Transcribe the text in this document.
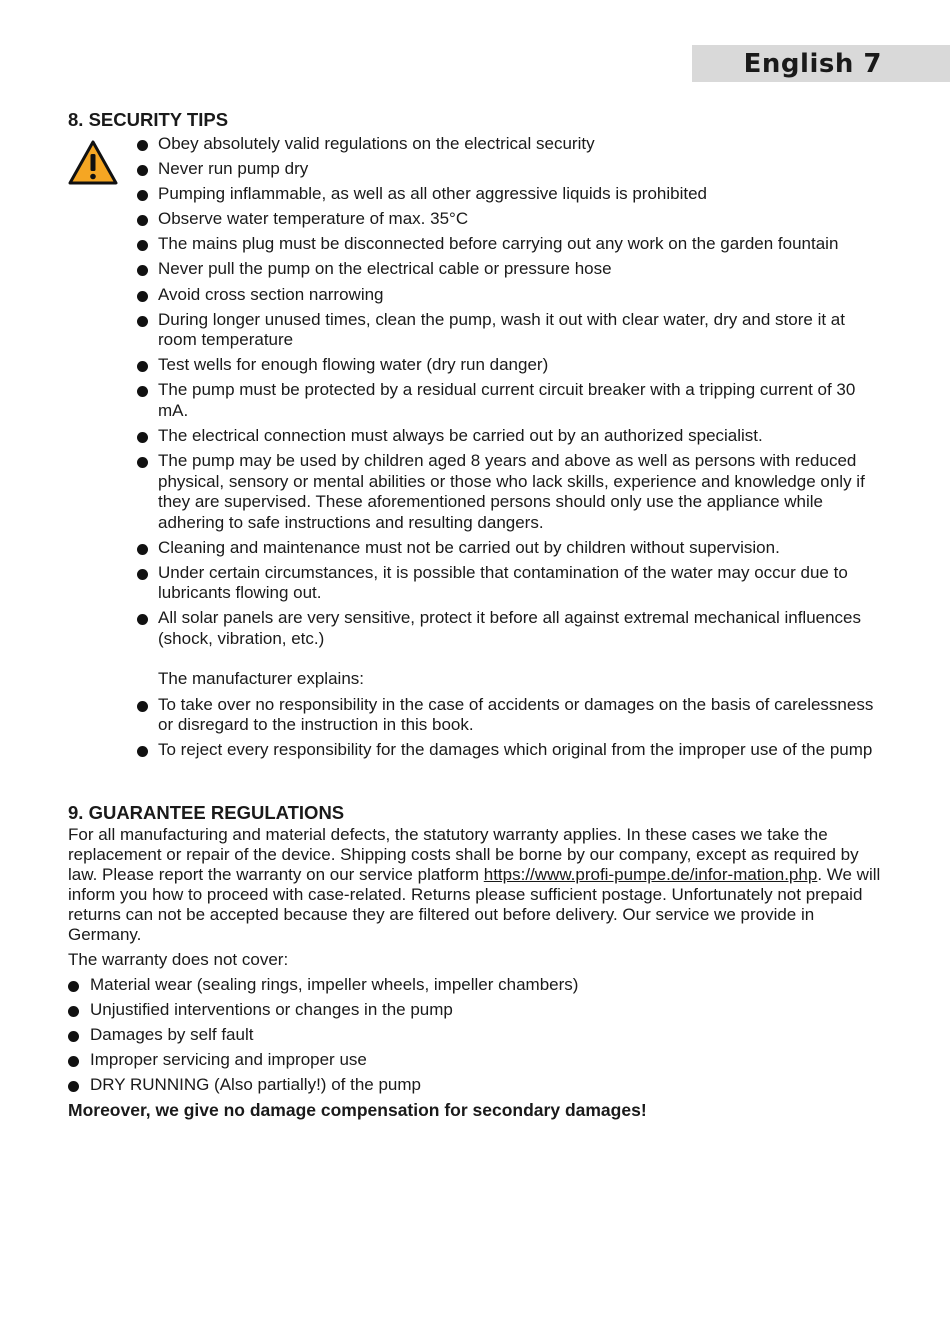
English 7
8. SECURITY TIPS
Obey absolutely valid regulations on the electrical security
Never run pump dry
Pumping inflammable, as well as all other aggressive liquids is prohibited
Observe water temperature of max. 35°C
The mains plug must be disconnected before carrying out any work on the garden fountain
Never pull the pump on the electrical cable or pressure hose
Avoid cross section narrowing
During longer unused times, clean the pump, wash it out with clear water, dry and store it at room temperature
Test wells for enough flowing water (dry run danger)
The pump must be protected by a residual current circuit breaker with a tripping current of 30 mA.
The electrical connection must always be carried out by an authorized specialist.
The pump may be used by children aged 8 years and above as well as persons with reduced physical, sensory or mental abilities or those who lack skills, experience and knowledge only if they are supervised. These aforementioned persons should only use the appliance while adhering to safe instructions and resulting dangers.
Cleaning and maintenance must not be carried out by children without supervision.
Under certain circumstances, it is possible that contamination of the water may occur due to lubricants flowing out.
All solar panels are very sensitive, protect it before all against extremal mechanical influences (shock, vibration, etc.)
The manufacturer explains:
To take over no responsibility in the case of accidents or damages on the basis of carelessness or disregard to the instruction in this book.
To reject every responsibility for the damages which original from the improper use of the pump
9. GUARANTEE REGULATIONS

For all manufacturing and material defects, the statutory warranty applies. In these cases we take the replacement or repair of the device. Shipping costs shall be borne by our company, except as required by law. Please report the warranty on our service platform https://www.profi-pumpe.de/infor-mation.php. We will inform you how to proceed with case-related. Returns please sufficient postage. Unfortunately not prepaid returns can not be accepted because they are filtered out before delivery. Our service we provide in Germany.

The warranty does not cover:

Material wear (sealing rings, impeller wheels, impeller chambers)
Unjustified interventions or changes in the pump
Damages by self fault
Improper servicing and improper use
DRY RUNNING (Also partially!) of the pump

Moreover, we give no damage compensation for secondary damages!
